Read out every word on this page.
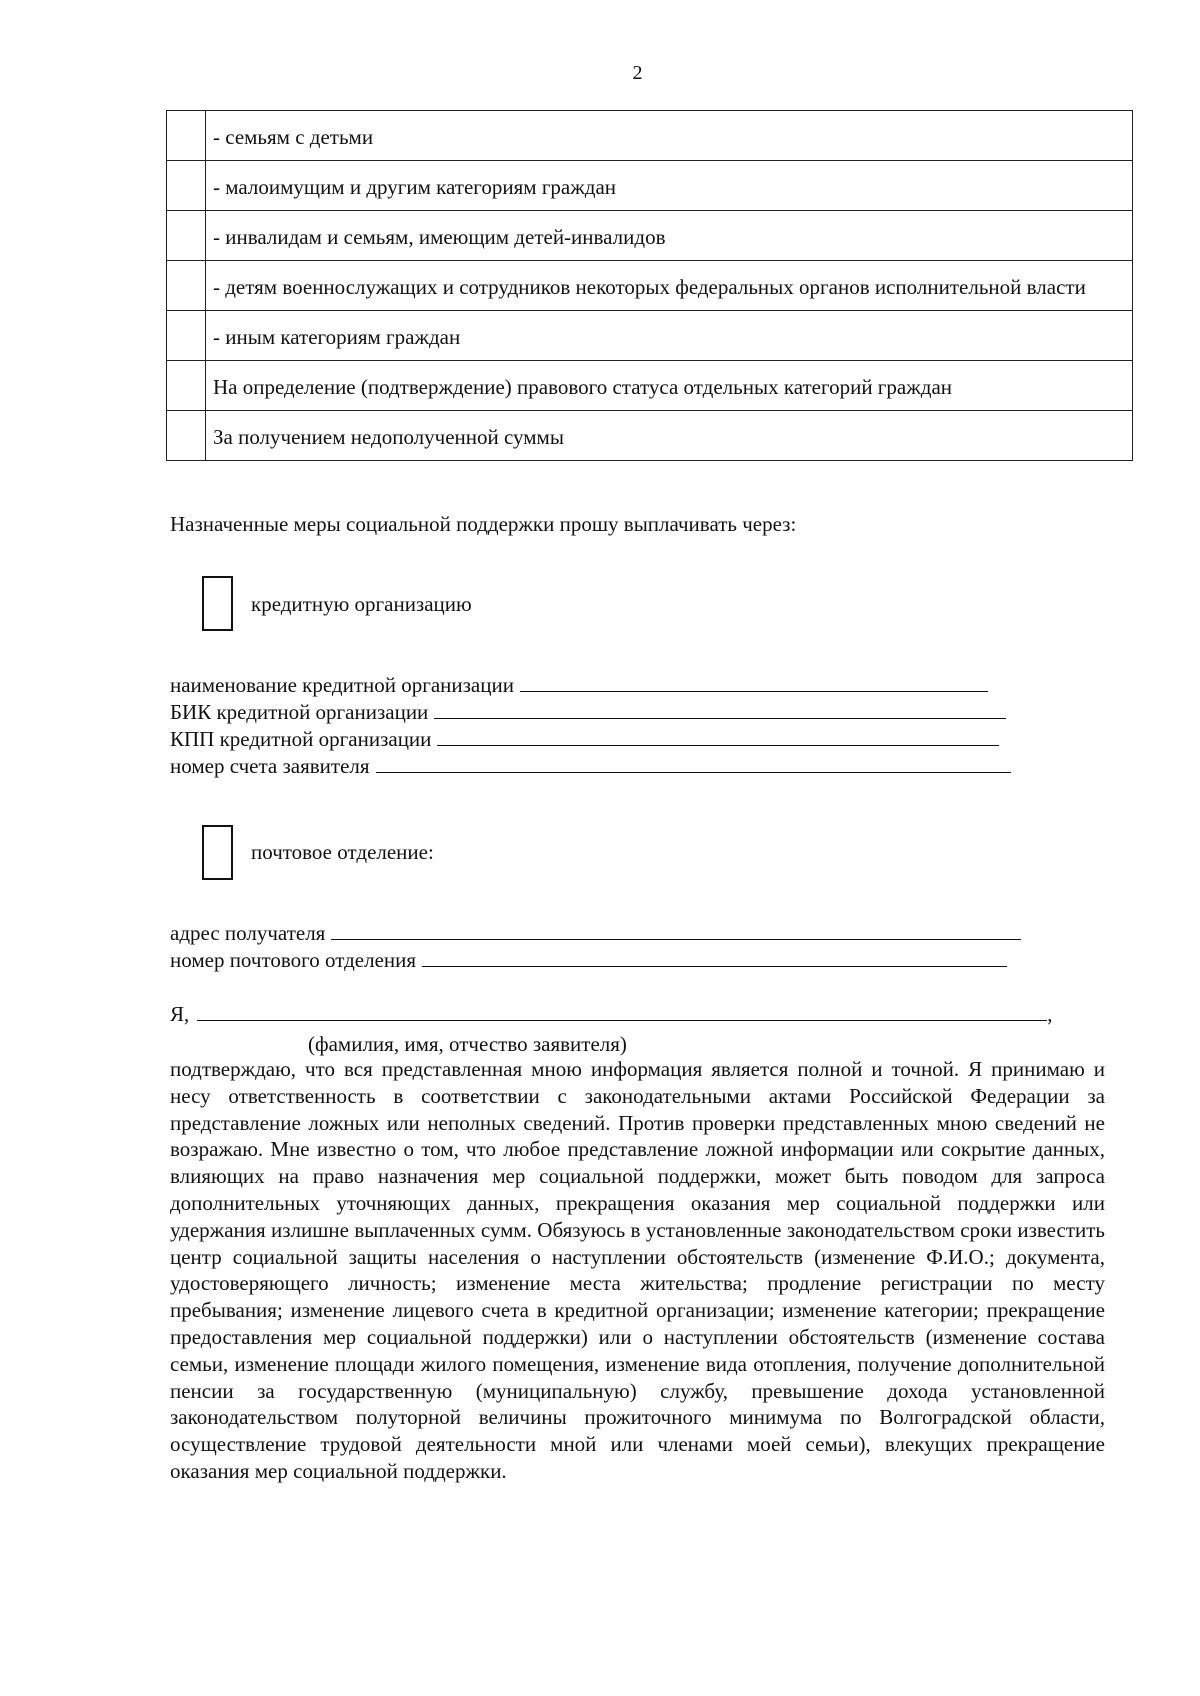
2
	- семьям с детьми
	- малоимущим и другим категориям граждан
	- инвалидам и семьям, имеющим детей-инвалидов
	- детям военнослужащих и сотрудников некоторых федеральных органов исполнительной власти
	- иным категориям граждан
	На определение (подтверждение) правового статуса отдельных категорий граждан
	За получением недополученной суммы
Назначенные меры социальной поддержки прошу выплачивать через:
кредитную организацию
наименование кредитной организации
БИК кредитной организации
КПП кредитной организации
номер счета заявителя
почтовое отделение:
адрес получателя
номер почтового отделения
Я,	,
(фамилия, имя, отчество заявителя)
подтверждаю, что вся представленная мною информация является полной и точной. Я принимаю и несу ответственность в соответствии с законодательными актами Российской Федерации за представление ложных или неполных сведений. Против проверки представленных мною сведений не возражаю. Мне известно о том, что любое представление ложной информации или сокрытие данных, влияющих на право назначения мер социальной поддержки, может быть поводом для запроса дополнительных уточняющих данных, прекращения оказания мер социальной поддержки или удержания излишне выплаченных сумм. Обязуюсь в установленные законодательством сроки известить центр социальной защиты населения о наступлении обстоятельств (изменение Ф.И.О.; документа, удостоверяющего личность; изменение места жительства; продление регистрации по месту пребывания; изменение лицевого счета в кредитной организации; изменение категории; прекращение предоставления мер социальной поддержки) или о наступлении обстоятельств (изменение состава семьи, изменение площади жилого помещения, изменение вида отопления, получение дополнительной пенсии за государственную (муниципальную) службу, превышение дохода установленной законодательством полуторной величины прожиточного минимума по Волгоградской области, осуществление трудовой деятельности мной или членами моей семьи), влекущих прекращение оказания мер социальной поддержки.
